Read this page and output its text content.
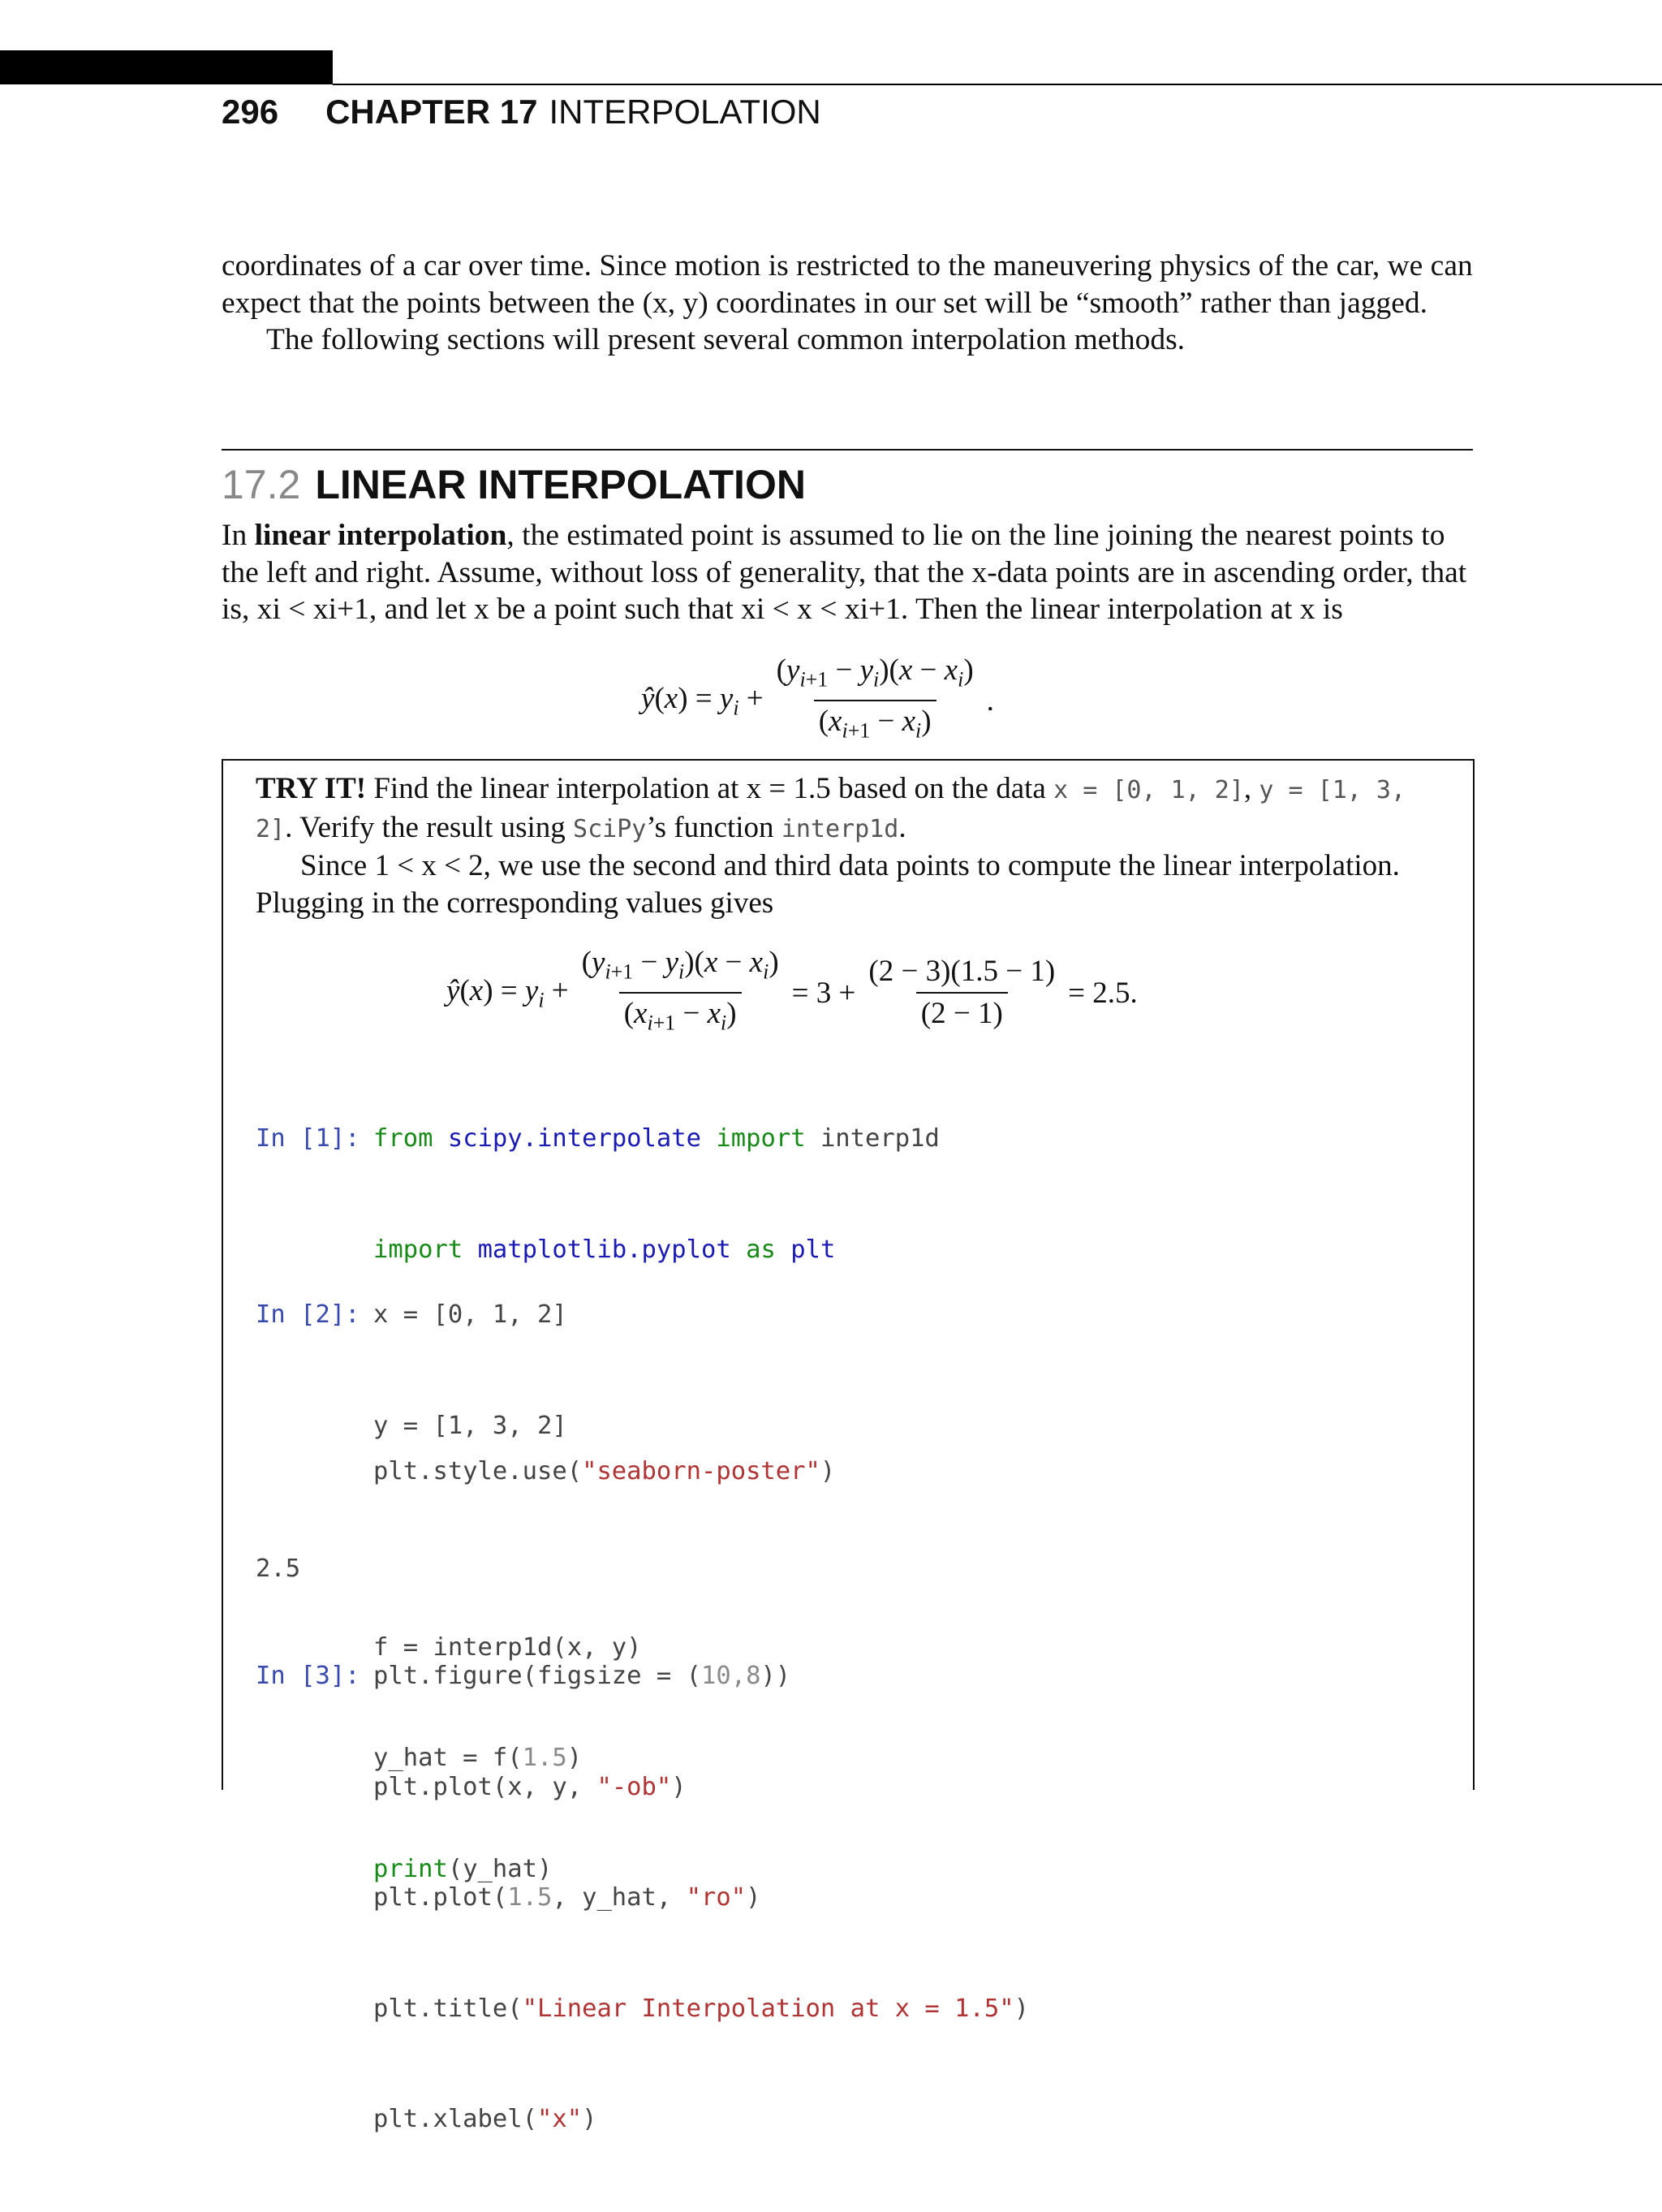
296 CHAPTER 17 INTERPOLATION
coordinates of a car over time. Since motion is restricted to the maneuvering physics of the car, we can
expect that the points between the (x, y) coordinates in our set will be “smooth” rather than jagged.
The following sections will present several common interpolation methods.
17.2 LINEAR INTERPOLATION
In linear interpolation, the estimated point is assumed to lie on the line joining the nearest points to
the left and right. Assume, without loss of generality, that the x-data points are in ascending order, that
is, xi < xi+1, and let x be a point such that xi < x < xi+1. Then the linear interpolation at x is
ŷ(x) = $y_i + \frac{(y_{i+1} - y_i)(x - x_i)}{(x_{i+1} - x_i)}$ .
TRY IT! Find the linear interpolation at x = 1.5 based on the data x = [0, 1, 2], y = [1, 3,
2]. Verify the result using SciPy’s function interp1d.
Since 1 < x < 2, we use the second and third data points to compute the linear interpolation.
Plugging in the corresponding values gives
ŷ(x) = $y_i + \frac{(y_{i+1} - y_i)(x - x_i)}{(x_{i+1} - x_i)} = 3 + \frac{(2 - 3)(1.5 - 1)}{(2 - 1)} = 2.5$.

In [1]: from scipy.interpolate import interp1d

import matplotlib.pyplot as plt

plt.style.use("seaborn-poster")

In [2]: x = [0, 1, 2]

y = [1, 3, 2]

f = interp1d(x, y)

y_hat = f(1.5)

print(y_hat)

2.5

In [3]: plt.figure(figsize = (10,8))

plt.plot(x, y, "-ob")

plt.plot(1.5, y_hat, "ro")

plt.title("Linear Interpolation at x = 1.5")

plt.xlabel("x")
